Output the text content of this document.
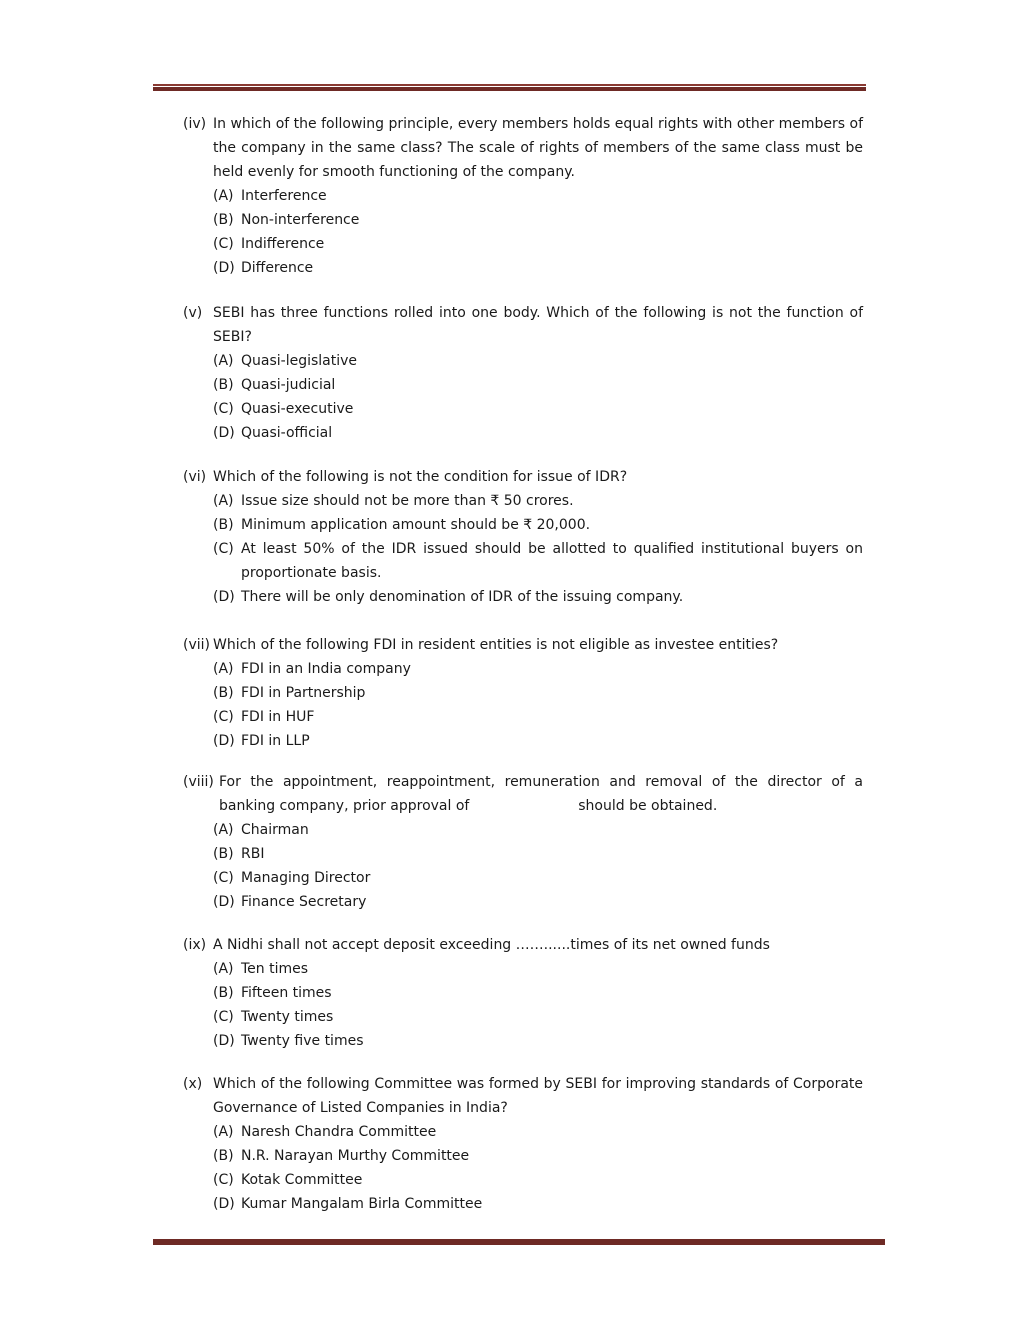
(iv) In which of the following principle, every members holds equal rights with other members of the company in the same class? The scale of rights of members of the same class must be held evenly for smooth functioning of the company.
(A) Interference
(B) Non-interference
(C) Indifference
(D) Difference
(v) SEBI has three functions rolled into one body. Which of the following is not the function of SEBI?
(A) Quasi-legislative
(B) Quasi-judicial
(C) Quasi-executive
(D) Quasi-official
(vi) Which of the following is not the condition for issue of IDR?
(A) Issue size should not be more than ₹ 50 crores.
(B) Minimum application amount should be ₹ 20,000.
(C) At least 50% of the IDR issued should be allotted to qualified institutional buyers on proportionate basis.
(D) There will be only denomination of IDR of the issuing company.
(vii) Which of the following FDI in resident entities is not eligible as investee entities?
(A) FDI in an India company
(B) FDI in Partnership
(C) FDI in HUF
(D) FDI in LLP
(viii) For the appointment, reappointment, remuneration and removal of the director of a banking company, prior approval of	should be obtained.
(A) Chairman
(B) RBI
(C) Managing Director
(D) Finance Secretary
(ix) A Nidhi shall not accept deposit exceeding ……......times of its net owned funds
(A) Ten times
(B) Fifteen times
(C) Twenty times
(D) Twenty five times
(x) Which of the following Committee was formed by SEBI for improving standards of Corporate Governance of Listed Companies in India?
(A) Naresh Chandra Committee
(B) N.R. Narayan Murthy Committee
(C) Kotak Committee
(D) Kumar Mangalam Birla Committee
